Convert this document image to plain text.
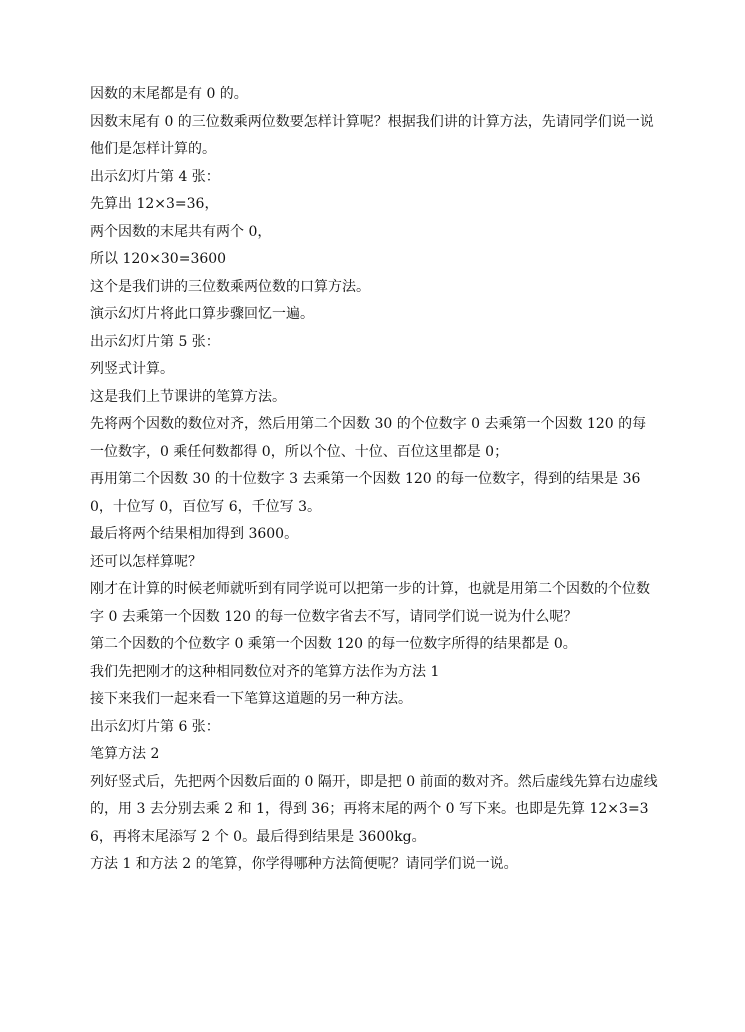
因数的末尾都是有 0 的。

因数末尾有 0 的三位数乘两位数要怎样计算呢？根据我们讲的计算方法，先请同学们说一说他们是怎样计算的。

出示幻灯片第 4 张：

先算出 12×3=36，

两个因数的末尾共有两个 0，

所以 120×30=3600

这个是我们讲的三位数乘两位数的口算方法。

演示幻灯片将此口算步骤回忆一遍。

出示幻灯片第 5 张：

列竖式计算。

这是我们上节课讲的笔算方法。

先将两个因数的数位对齐，然后用第二个因数 30 的个位数字 0 去乘第一个因数 120 的每一位数字，0 乘任何数都得 0，所以个位、十位、百位这里都是 0；

再用第二个因数 30 的十位数字 3 去乘第一个因数 120 的每一位数字，得到的结果是 360，十位写 0，百位写 6，千位写 3。

最后将两个结果相加得到 3600。

还可以怎样算呢？

刚才在计算的时候老师就听到有同学说可以把第一步的计算，也就是用第二个因数的个位数字 0 去乘第一个因数 120 的每一位数字省去不写，请同学们说一说为什么呢？

第二个因数的个位数字 0 乘第一个因数 120 的每一位数字所得的结果都是 0。

我们先把刚才的这种相同数位对齐的笔算方法作为方法 1

接下来我们一起来看一下笔算这道题的另一种方法。

出示幻灯片第 6 张：

笔算方法 2

列好竖式后，先把两个因数后面的 0 隔开，即是把 0 前面的数对齐。然后虚线先算右边虚线的，用 3 去分别去乘 2 和 1，得到 36；再将末尾的两个 0 写下来。也即是先算 12×3=36，再将末尾添写 2 个 0。最后得到结果是 3600kg。

方法 1 和方法 2 的笔算，你学得哪种方法简便呢？请同学们说一说。
